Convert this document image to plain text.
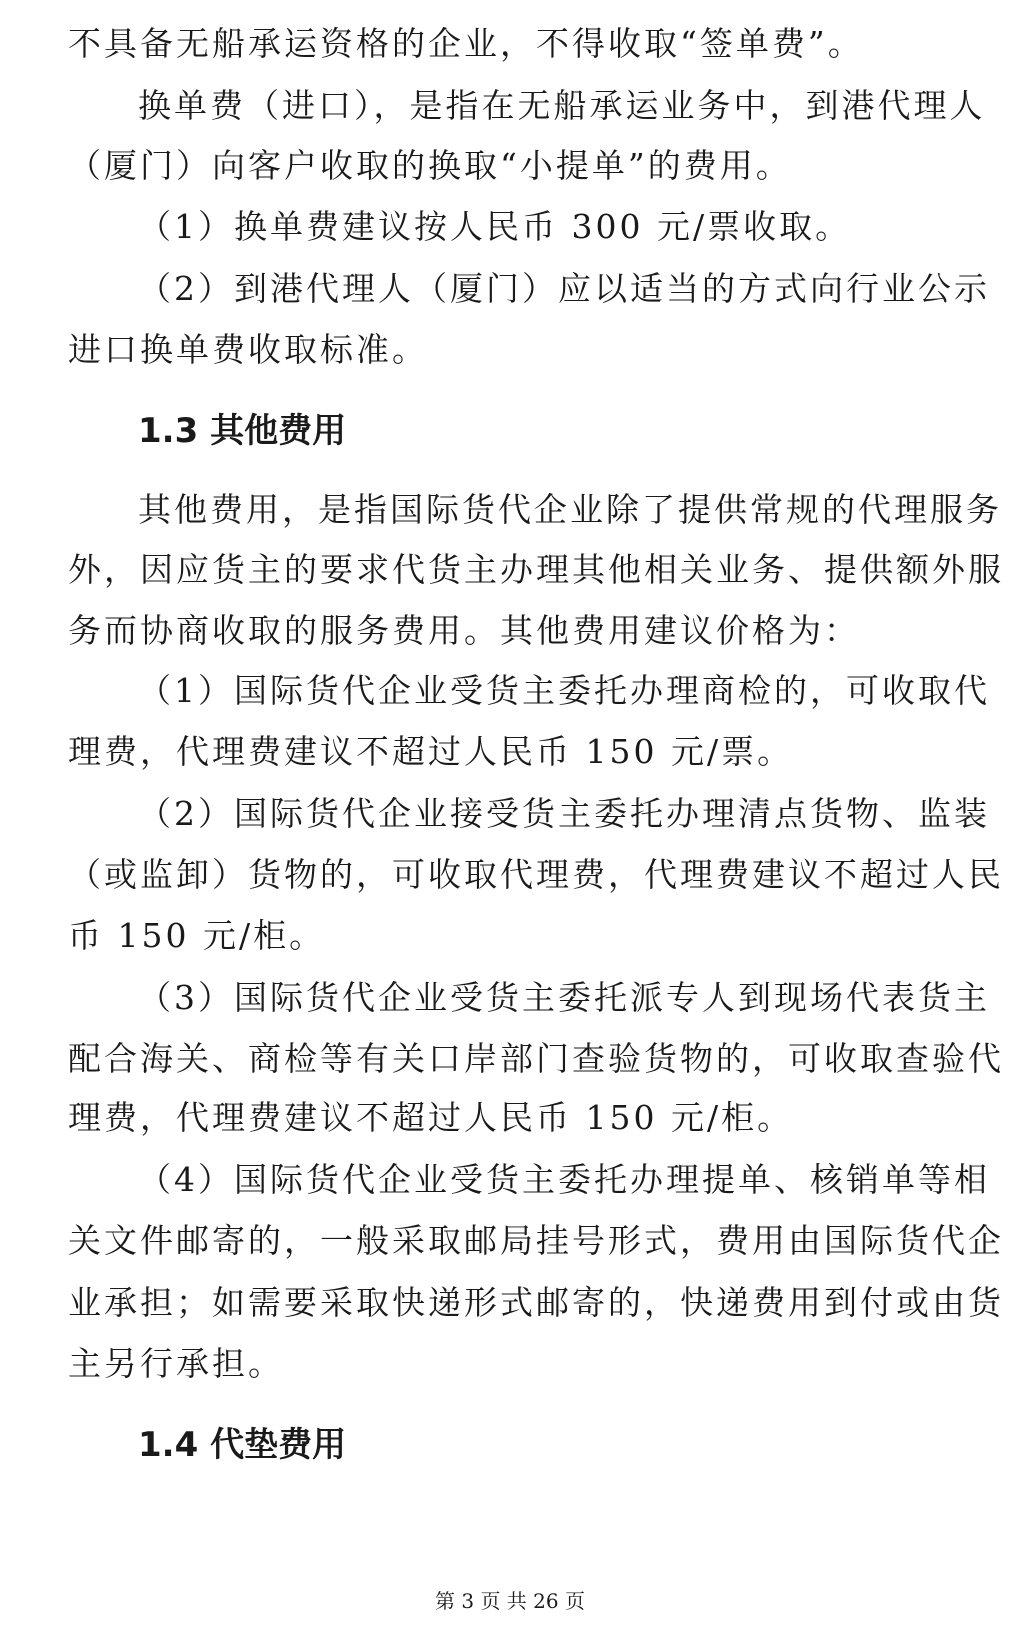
不具备无船承运资格的企业，不得收取“签单费”。
换单费（进口），是指在无船承运业务中，到港代理人
（厦门）向客户收取的换取“小提单”的费用。
（1）换单费建议按人民币 300 元/票收取。
（2）到港代理人（厦门）应以适当的方式向行业公示
进口换单费收取标准。
1.3 其他费用
其他费用，是指国际货代企业除了提供常规的代理服务
外，因应货主的要求代货主办理其他相关业务、提供额外服
务而协商收取的服务费用。其他费用建议价格为：
（1）国际货代企业受货主委托办理商检的，可收取代
理费，代理费建议不超过人民币 150 元/票。
（2）国际货代企业接受货主委托办理清点货物、监装
（或监卸）货物的，可收取代理费，代理费建议不超过人民
币 150 元/柜。
（3）国际货代企业受货主委托派专人到现场代表货主
配合海关、商检等有关口岸部门查验货物的，可收取查验代
理费，代理费建议不超过人民币 150 元/柜。
（4）国际货代企业受货主委托办理提单、核销单等相
关文件邮寄的，一般采取邮局挂号形式，费用由国际货代企
业承担；如需要采取快递形式邮寄的，快递费用到付或由货
主另行承担。
1.4 代垫费用
第 3 页 共 26 页
